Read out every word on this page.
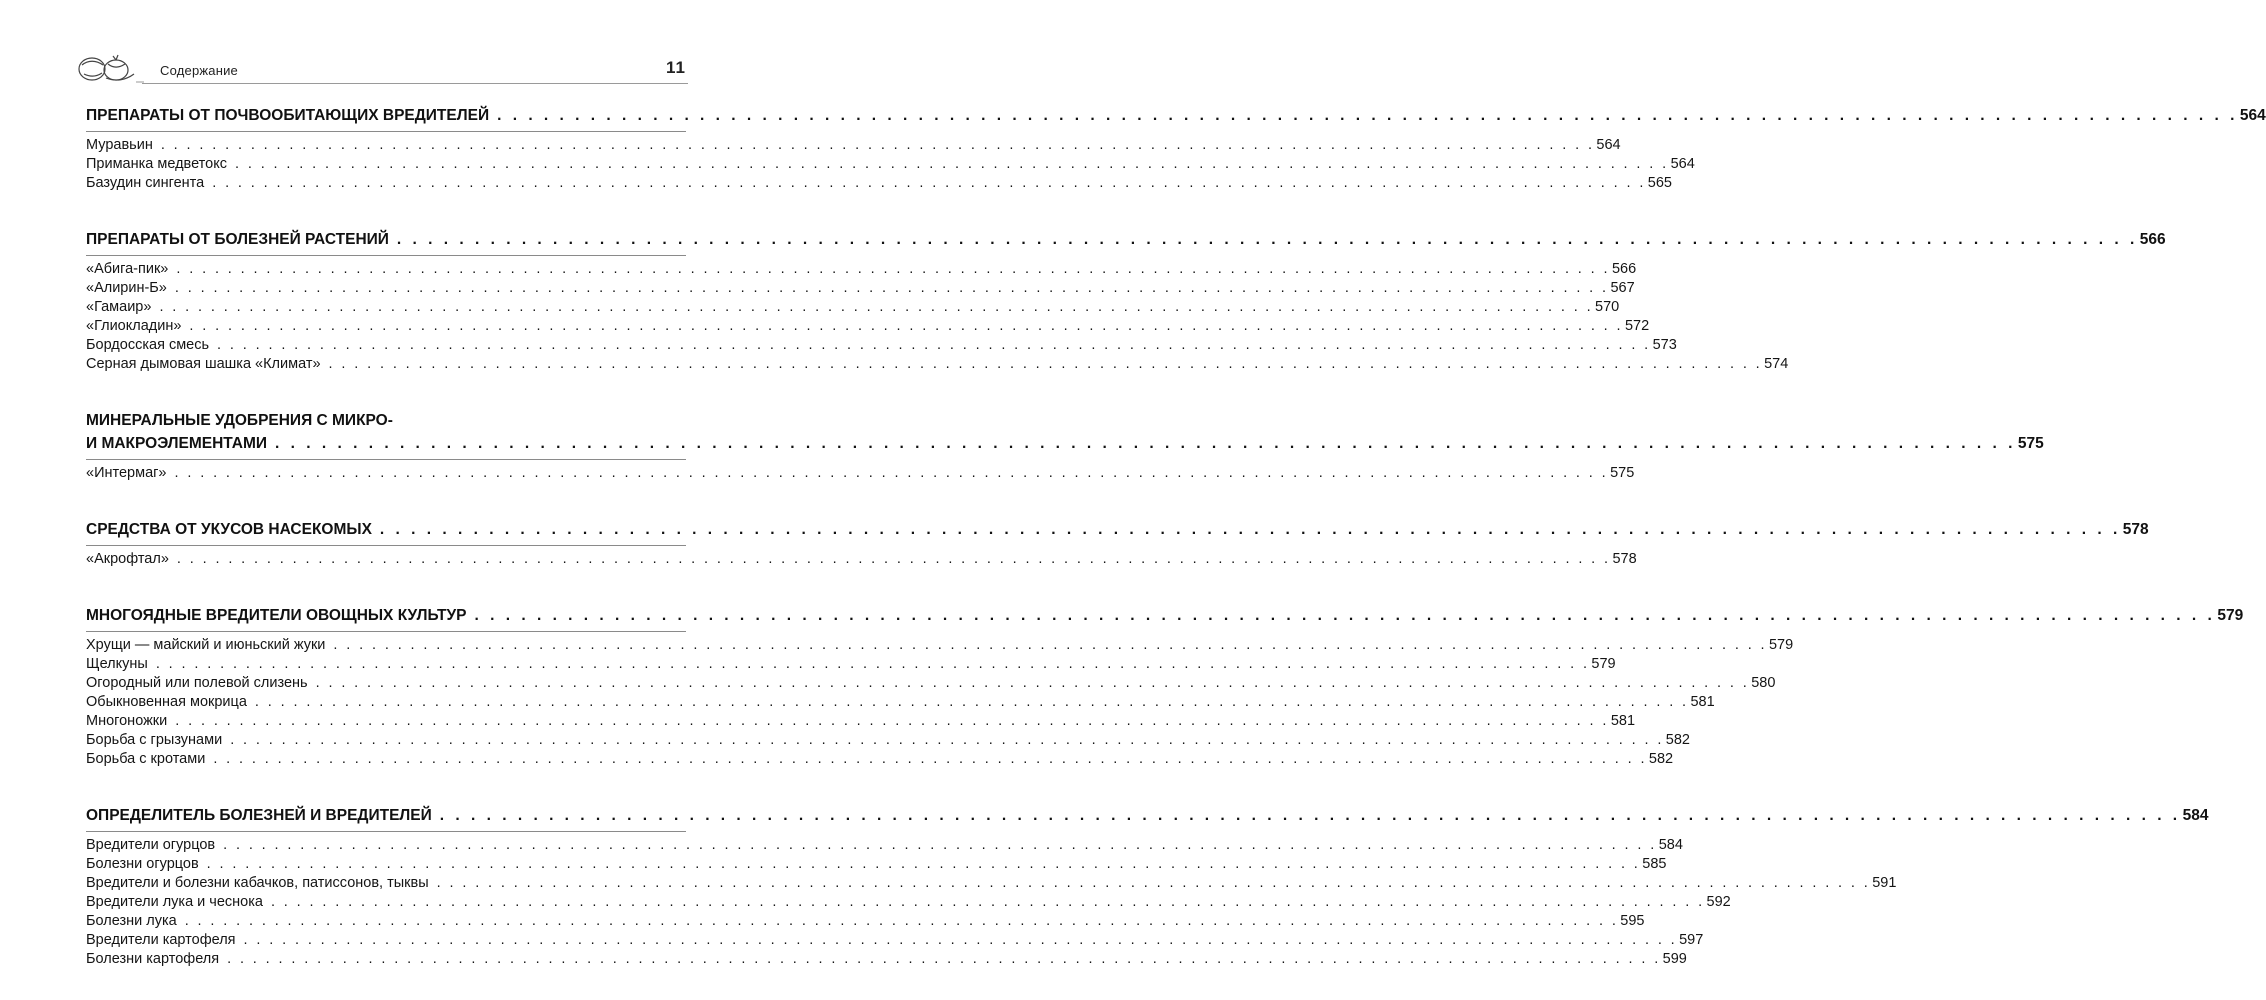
Содержание	11
ПРЕПАРАТЫ ОТ ПОЧВООБИТАЮЩИХ ВРЕДИТЕЛЕЙ . . . . . . . . . . . . . . . . . . . . . . . . . . . . . . . . . . . . . . . . . . . . . . . . . . . . . . . . . . . . . . . . . . . . . . . . . . . . . . . . . . . . . . . . . . . . . . . . . . . . . . . . . . . . . . . . 564
Муравьин . . . . . . . . . . . . . . . . . . . . . . . . . . . . . . . . . . . . . . . . . . . . . . . . . . . . . . . . . . . . . . . . . . . . . . . . . . . . . . . . . . . . . . . . . . . . . . . . . . . . . . . . . . . . . . . . 564
Приманка медветокс . . . . . . . . . . . . . . . . . . . . . . . . . . . . . . . . . . . . . . . . . . . . . . . . . . . . . . . . . . . . . . . . . . . . . . . . . . . . . . . . . . . . . . . . . . . . . . . . . . . . . . . . . . . . . . . . 564
Базудин сингента . . . . . . . . . . . . . . . . . . . . . . . . . . . . . . . . . . . . . . . . . . . . . . . . . . . . . . . . . . . . . . . . . . . . . . . . . . . . . . . . . . . . . . . . . . . . . . . . . . . . . . . . . . . . . . . . 565
ПРЕПАРАТЫ ОТ БОЛЕЗНЕЙ РАСТЕНИЙ . . . . . . . . . . . . . . . . . . . . . . . . . . . . . . . . . . . . . . . . . . . . . . . . . . . . . . . . . . . . . . . . . . . . . . . . . . . . . . . . . . . . . . . . . . . . . . . . . . . . . . . . . . . . . . . . 566
«Абига-пик» . . . . . . . . . . . . . . . . . . . . . . . . . . . . . . . . . . . . . . . . . . . . . . . . . . . . . . . . . . . . . . . . . . . . . . . . . . . . . . . . . . . . . . . . . . . . . . . . . . . . . . . . . . . . . . . . 566
«Алирин-Б» . . . . . . . . . . . . . . . . . . . . . . . . . . . . . . . . . . . . . . . . . . . . . . . . . . . . . . . . . . . . . . . . . . . . . . . . . . . . . . . . . . . . . . . . . . . . . . . . . . . . . . . . . . . . . . . . 567
«Гамаир» . . . . . . . . . . . . . . . . . . . . . . . . . . . . . . . . . . . . . . . . . . . . . . . . . . . . . . . . . . . . . . . . . . . . . . . . . . . . . . . . . . . . . . . . . . . . . . . . . . . . . . . . . . . . . . . . 570
«Глиокладин» . . . . . . . . . . . . . . . . . . . . . . . . . . . . . . . . . . . . . . . . . . . . . . . . . . . . . . . . . . . . . . . . . . . . . . . . . . . . . . . . . . . . . . . . . . . . . . . . . . . . . . . . . . . . . . . . 572
Бордосская смесь . . . . . . . . . . . . . . . . . . . . . . . . . . . . . . . . . . . . . . . . . . . . . . . . . . . . . . . . . . . . . . . . . . . . . . . . . . . . . . . . . . . . . . . . . . . . . . . . . . . . . . . . . . . . . . . . 573
Серная дымовая шашка «Климат» . . . . . . . . . . . . . . . . . . . . . . . . . . . . . . . . . . . . . . . . . . . . . . . . . . . . . . . . . . . . . . . . . . . . . . . . . . . . . . . . . . . . . . . . . . . . . . . . . . . . . . . . . . . . . . . . 574
МИНЕРАЛЬНЫЕ УДОБРЕНИЯ С МИКРО-
И МАКРОЭЛЕМЕНТАМИ . . . . . . . . . . . . . . . . . . . . . . . . . . . . . . . . . . . . . . . . . . . . . . . . . . . . . . . . . . . . . . . . . . . . . . . . . . . . . . . . . . . . . . . . . . . . . . . . . . . . . . . . . . . . . . . . 575
«Интермаг» . . . . . . . . . . . . . . . . . . . . . . . . . . . . . . . . . . . . . . . . . . . . . . . . . . . . . . . . . . . . . . . . . . . . . . . . . . . . . . . . . . . . . . . . . . . . . . . . . . . . . . . . . . . . . . . . 575
СРЕДСТВА ОТ УКУСОВ НАСЕКОМЫХ . . . . . . . . . . . . . . . . . . . . . . . . . . . . . . . . . . . . . . . . . . . . . . . . . . . . . . . . . . . . . . . . . . . . . . . . . . . . . . . . . . . . . . . . . . . . . . . . . . . . . . . . . . . . . . . . 578
«Акрофтал» . . . . . . . . . . . . . . . . . . . . . . . . . . . . . . . . . . . . . . . . . . . . . . . . . . . . . . . . . . . . . . . . . . . . . . . . . . . . . . . . . . . . . . . . . . . . . . . . . . . . . . . . . . . . . . . . 578
МНОГОЯДНЫЕ ВРЕДИТЕЛИ ОВОЩНЫХ КУЛЬТУР . . . . . . . . . . . . . . . . . . . . . . . . . . . . . . . . . . . . . . . . . . . . . . . . . . . . . . . . . . . . . . . . . . . . . . . . . . . . . . . . . . . . . . . . . . . . . . . . . . . . . . . . . . . . . . . . 579
Хрущи — майский и июньский жуки . . . . . . . . . . . . . . . . . . . . . . . . . . . . . . . . . . . . . . . . . . . . . . . . . . . . . . . . . . . . . . . . . . . . . . . . . . . . . . . . . . . . . . . . . . . . . . . . . . . . . . . . . . . . . . . . 579
Щелкуны . . . . . . . . . . . . . . . . . . . . . . . . . . . . . . . . . . . . . . . . . . . . . . . . . . . . . . . . . . . . . . . . . . . . . . . . . . . . . . . . . . . . . . . . . . . . . . . . . . . . . . . . . . . . . . . . 579
Огородный или полевой слизень . . . . . . . . . . . . . . . . . . . . . . . . . . . . . . . . . . . . . . . . . . . . . . . . . . . . . . . . . . . . . . . . . . . . . . . . . . . . . . . . . . . . . . . . . . . . . . . . . . . . . . . . . . . . . . . . 580
Обыкновенная мокрица . . . . . . . . . . . . . . . . . . . . . . . . . . . . . . . . . . . . . . . . . . . . . . . . . . . . . . . . . . . . . . . . . . . . . . . . . . . . . . . . . . . . . . . . . . . . . . . . . . . . . . . . . . . . . . . . 581
Многоножки . . . . . . . . . . . . . . . . . . . . . . . . . . . . . . . . . . . . . . . . . . . . . . . . . . . . . . . . . . . . . . . . . . . . . . . . . . . . . . . . . . . . . . . . . . . . . . . . . . . . . . . . . . . . . . . . 581
Борьба с грызунами . . . . . . . . . . . . . . . . . . . . . . . . . . . . . . . . . . . . . . . . . . . . . . . . . . . . . . . . . . . . . . . . . . . . . . . . . . . . . . . . . . . . . . . . . . . . . . . . . . . . . . . . . . . . . . . . 582
Борьба с кротами . . . . . . . . . . . . . . . . . . . . . . . . . . . . . . . . . . . . . . . . . . . . . . . . . . . . . . . . . . . . . . . . . . . . . . . . . . . . . . . . . . . . . . . . . . . . . . . . . . . . . . . . . . . . . . . . 582
ОПРЕДЕЛИТЕЛЬ БОЛЕЗНЕЙ И ВРЕДИТЕЛЕЙ . . . . . . . . . . . . . . . . . . . . . . . . . . . . . . . . . . . . . . . . . . . . . . . . . . . . . . . . . . . . . . . . . . . . . . . . . . . . . . . . . . . . . . . . . . . . . . . . . . . . . . . . . . . . . . . . 584
Вредители огурцов . . . . . . . . . . . . . . . . . . . . . . . . . . . . . . . . . . . . . . . . . . . . . . . . . . . . . . . . . . . . . . . . . . . . . . . . . . . . . . . . . . . . . . . . . . . . . . . . . . . . . . . . . . . . . . . . 584
Болезни огурцов . . . . . . . . . . . . . . . . . . . . . . . . . . . . . . . . . . . . . . . . . . . . . . . . . . . . . . . . . . . . . . . . . . . . . . . . . . . . . . . . . . . . . . . . . . . . . . . . . . . . . . . . . . . . . . . . 585
Вредители и болезни кабачков, патиссонов, тыквы . . . . . . . . . . . . . . . . . . . . . . . . . . . . . . . . . . . . . . . . . . . . . . . . . . . . . . . . . . . . . . . . . . . . . . . . . . . . . . . . . . . . . . . . . . . . . . . . . . . . . . . . . . . . . . . . 591
Вредители лука и чеснока . . . . . . . . . . . . . . . . . . . . . . . . . . . . . . . . . . . . . . . . . . . . . . . . . . . . . . . . . . . . . . . . . . . . . . . . . . . . . . . . . . . . . . . . . . . . . . . . . . . . . . . . . . . . . . . . 592
Болезни лука . . . . . . . . . . . . . . . . . . . . . . . . . . . . . . . . . . . . . . . . . . . . . . . . . . . . . . . . . . . . . . . . . . . . . . . . . . . . . . . . . . . . . . . . . . . . . . . . . . . . . . . . . . . . . . . . 595
Вредители картофеля . . . . . . . . . . . . . . . . . . . . . . . . . . . . . . . . . . . . . . . . . . . . . . . . . . . . . . . . . . . . . . . . . . . . . . . . . . . . . . . . . . . . . . . . . . . . . . . . . . . . . . . . . . . . . . . . 597
Болезни картофеля . . . . . . . . . . . . . . . . . . . . . . . . . . . . . . . . . . . . . . . . . . . . . . . . . . . . . . . . . . . . . . . . . . . . . . . . . . . . . . . . . . . . . . . . . . . . . . . . . . . . . . . . . . . . . . . . 599
